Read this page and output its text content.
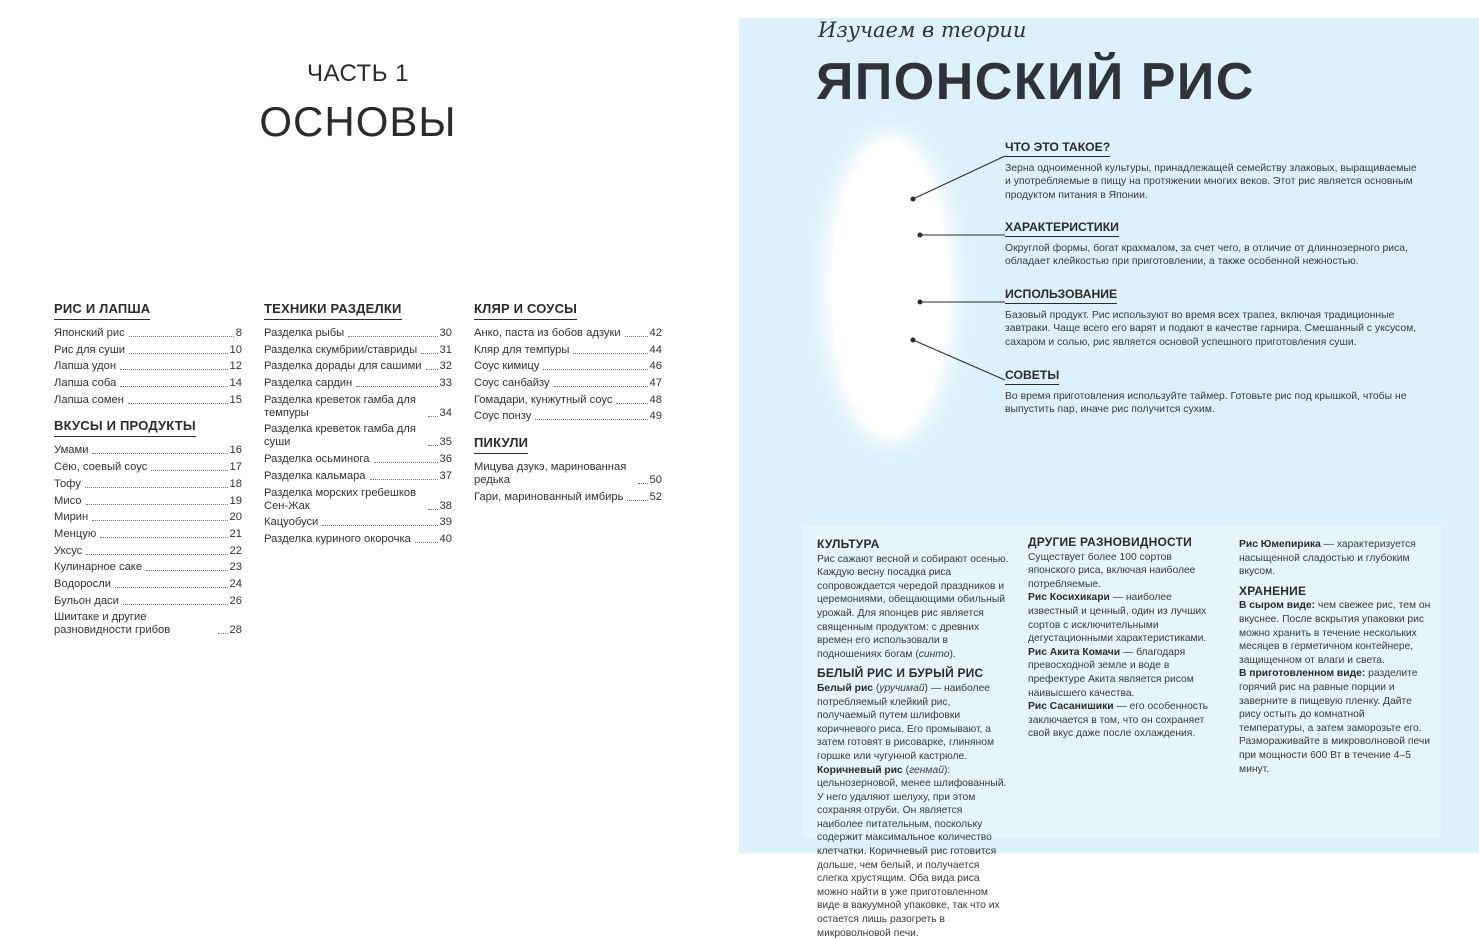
ЧАСТЬ 1
ОСНОВЫ
РИС И ЛАПША

Японский рис	8
Рис для суши	10
Лапша удон	12
Лапша соба	14
Лапша сомен	15
ВКУСЫ И ПРОДУКТЫ

Умами	16
Сёю, соевый соус	17
Тофу	18
Мисо	19
Мирин	20
Менцую	21
Уксус	22
Кулинарное саке	23
Водоросли	24
Бульон даси	26
Шиитаке и другие разновидности грибов	28
ТЕХНИКИ РАЗДЕЛКИ

Разделка рыбы	30
Разделка скумбрии/ставриды 31
Разделка дорады для сашими 32
Разделка сардин	33
Разделка креветок гамба для темпуры	34
Разделка креветок гамба для суши	35
Разделка осьминога	36
Разделка кальмара	37
Разделка морских гребешков Сен-Жак	38
Кацуобуси	39
Разделка куриного окорочка	40
КЛЯР И СОУСЫ

Анко, паста из бобов адзуки	42
Кляр для темпуры	44
Соус кимицу	46
Соус санбайзу	47
Гомадари, кунжутный соус	48
Соус понзу	49
ПИКУЛИ

Мицува дзукэ, маринованная редька	50
Гари, маринованный имбирь 52
Изучаем в теории
ЯПОНСКИЙ РИС
ЧТО ЭТО ТАКОЕ?
Зерна одноименной культуры, принадлежащей семейству злаковых, выращиваемые и употребляемые в пищу на протяжении многих веков. Этот рис является основным продуктом питания в Японии.
ХАРАКТЕРИСТИКИ
Округлой формы, богат крахмалом, за счет чего, в отличие от длиннозерного риса, обладает клейкостью при приготовлении, а также особенной нежностью.
ИСПОЛЬЗОВАНИЕ
Базовый продукт. Рис используют во время всех трапез, включая традиционные завтраки. Чаще всего его варят и подают в качестве гарнира. Смешанный с уксусом, сахаром и солью, рис является основой успешного приготовления суши.
СОВЕТЫ
Во время приготовления используйте таймер. Готовьте рис под крышкой, чтобы не выпустить пар, иначе рис получится сухим.
КУЛЬТУРА

Рис сажают весной и собирают осенью. Каждую весну посадка риса сопровождается чередой праздников и церемониями, обещающими обильный урожай. Для японцев рис является священным продуктом: с древних времен его использовали в подношениях богам (синто).

БЕЛЫЙ РИС И БУРЫЙ РИС

Белый рис (уручимай) — наиболее потребляемый клейкий рис, получаемый путем шлифовки коричневого риса. Его промывают, а затем готовят в рисоварке, глиняном горшке или чугунной кастрюле. Коричневый рис (генмай): цельнозерновой, менее шлифованный. У него удаляют шелуху, при этом сохраняя отруби. Он является наиболее питательным, поскольку содержит максимальное количество клетчатки. Коричневый рис готовится дольше, чем белый, и получается слегка хрустящим. Оба вида риса можно найти в уже приготовленном виде в вакуумной упаковке, так что их остается лишь разогреть в микроволновой печи.

ДРУГИЕ РАЗНОВИДНОСТИ

Существует более 100 сортов японского риса, включая наиболее потребляемые.

Рис Косихикари — наиболее известный и ценный, один из лучших сортов с исключительными дегустационными характеристиками.

Рис Акита Комачи — благодаря превосходной земле и воде в префектуре Акита является рисом наивысшего качества.

Рис Сасанишики — его особенность заключается в том, что он сохраняет свой вкус даже после охлаждения.

Рис Юмепирика — характеризуется насыщенной сладостью и глубоким вкусом.

ХРАНЕНИЕ

В сыром виде: чем свежее рис, тем он вкуснее. После вскрытия упаковки рис можно хранить в течение нескольких месяцев в герметичном контейнере, защищенном от влаги и света.

В приготовленном виде: разделите горячий рис на равные порции и заверните в пищевую пленку. Дайте рису остыть до комнатной температуры, а затем заморозьте его. Размораживайте в микроволновой печи при мощности 600 Вт в течение 4–5 минут.
